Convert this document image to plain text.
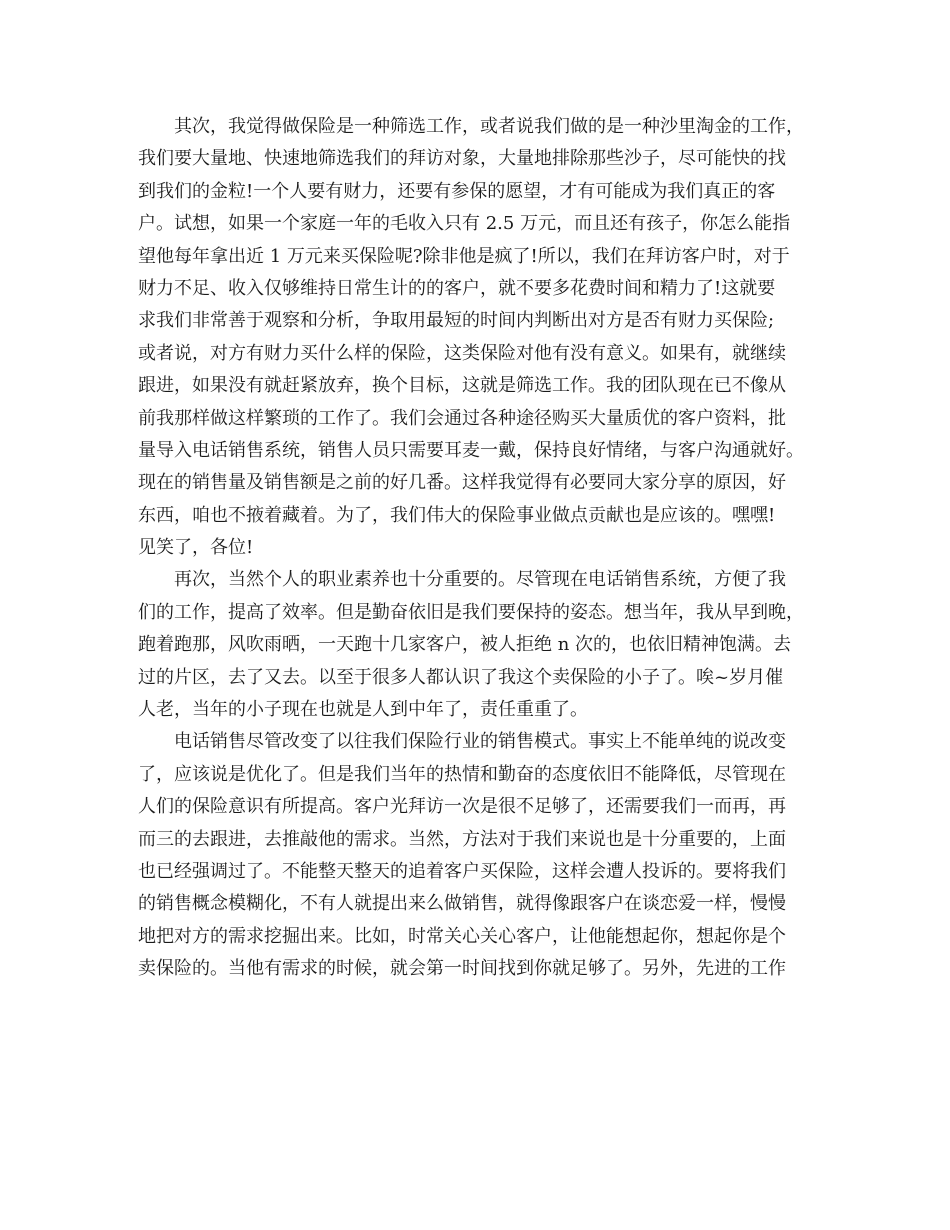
其次，我觉得做保险是一种筛选工作，或者说我们做的是一种沙里淘金的工作，

我们要大量地、快速地筛选我们的拜访对象，大量地排除那些沙子，尽可能快的找

到我们的金粒!一个人要有财力，还要有参保的愿望，才有可能成为我们真正的客

户。试想，如果一个家庭一年的毛收入只有 2.5 万元，而且还有孩子，你怎么能指

望他每年拿出近 1 万元来买保险呢?除非他是疯了!所以，我们在拜访客户时，对于

财力不足、收入仅够维持日常生计的的客户，就不要多花费时间和精力了!这就要

求我们非常善于观察和分析，争取用最短的时间内判断出对方是否有财力买保险;

或者说，对方有财力买什么样的保险，这类保险对他有没有意义。如果有，就继续

跟进，如果没有就赶紧放弃，换个目标，这就是筛选工作。我的团队现在已不像从

前我那样做这样繁琐的工作了。我们会通过各种途径购买大量质优的客户资料，批

量导入电话销售系统，销售人员只需要耳麦一戴，保持良好情绪，与客户沟通就好。

现在的销售量及销售额是之前的好几番。这样我觉得有必要同大家分享的原因，好

东西，咱也不掖着藏着。为了，我们伟大的保险事业做点贡献也是应该的。嘿嘿!

见笑了，各位!

再次，当然个人的职业素养也十分重要的。尽管现在电话销售系统，方便了我

们的工作，提高了效率。但是勤奋依旧是我们要保持的姿态。想当年，我从早到晚，

跑着跑那，风吹雨晒，一天跑十几家客户，被人拒绝 n 次的，也依旧精神饱满。去

过的片区，去了又去。以至于很多人都认识了我这个卖保险的小子了。唉~岁月催

人老，当年的小子现在也就是人到中年了，责任重重了。

电话销售尽管改变了以往我们保险行业的销售模式。事实上不能单纯的说改变

了，应该说是优化了。但是我们当年的热情和勤奋的态度依旧不能降低，尽管现在

人们的保险意识有所提高。客户光拜访一次是很不足够了，还需要我们一而再，再

而三的去跟进，去推敲他的需求。当然，方法对于我们来说也是十分重要的，上面

也已经强调过了。不能整天整天的追着客户买保险，这样会遭人投诉的。要将我们

的销售概念模糊化，不有人就提出来么做销售，就得像跟客户在谈恋爱一样，慢慢

地把对方的需求挖掘出来。比如，时常关心关心客户，让他能想起你，想起你是个

卖保险的。当他有需求的时候，就会第一时间找到你就足够了。另外，先进的工作
